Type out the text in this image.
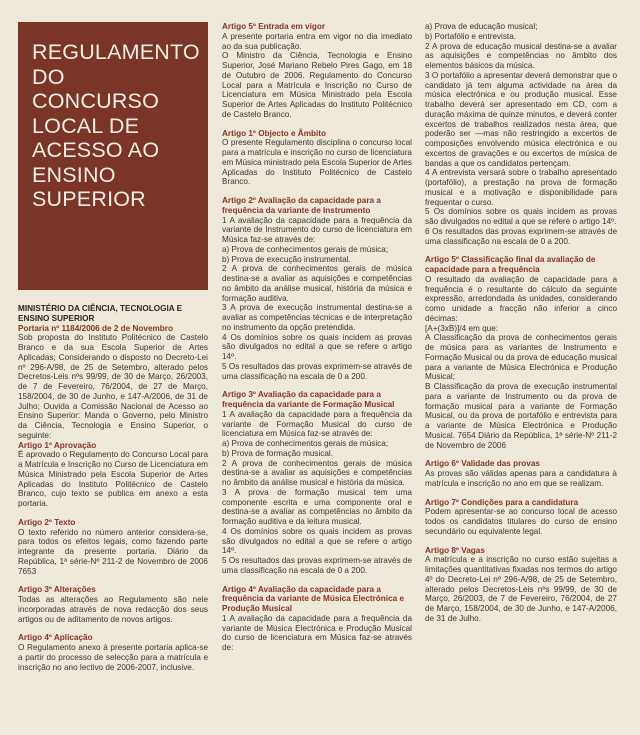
REGULAMENTO DO CONCURSO LOCAL DE ACESSO AO ENSINO SUPERIOR
MINISTÉRIO DA CIÊNCIA, TECNOLOGIA E ENSINO SUPERIOR
Portaria nº 1184/2006 de 2 de Novembro

Sob proposta do Instituto Politécnico de Castelo Branco e da sua Escola Superior de Artes Aplicadas; Considerando o disposto no Decreto-Lei nº 296-A/98, de 25 de Setembro, alterado pelos Decretos-Leis nºs 99/99, de 30 de Março, 26/2003, de 7 de Fevereiro, 76/2004, de 27 de Março, 158/2004, de 30 de Junho, e 147-A/2006, de 31 de Julho; Ouvida a Comissão Nacional de Acesso ao Ensino Superior: Manda o Governo, pelo Ministro da Ciência, Tecnologia e Ensino Superior, o seguinte:

Artigo 1º Aprovação

É aprovado o Regulamento do Concurso Local para a Matrícula e Inscrição no Curso de Licenciatura em Música Ministrado pela Escola Superior de Artes Aplicadas do Instituto Politécnico de Castelo Branco, cujo texto se publica em anexo a esta portaria.

Artigo 2º Texto

O texto referido no número anterior considera-se, para todos os efeitos legais, como fazendo parte integrante da presente portaria. Diário da República, 1ª série-Nº 211-2 de Novembro de 2006 7653

Artigo 3º Alterações

Todas as alterações ao Regulamento são nele incorporadas através de nova redacção dos seus artigos ou de aditamento de novos artigos.

Artigo 4º Aplicação

O Regulamento anexo à presente portaria aplica-se a partir do processo de selecção para a matrícula e inscrição no ano lectivo de 2006-2007, inclusive.

Artigo 5º Entrada em vigor

A presente portaria entra em vigor no dia imediato ao da sua publicação.

O Ministro da Ciência, Tecnologia e Ensino Superior, José Mariano Rebelo Pires Gago, em 18 de Outubro de 2006. Regulamento do Concurso Local para a Matrícula e Inscrição no Curso de Licenciatura em Música Ministrado pela Escola Superior de Artes Aplicadas do Instituto Politécnico de Castelo Branco.

Artigo 1º Objecto e Âmbito

O presente Regulamento disciplina o concurso local para a matrícula e inscrição no curso de licenciatura em Música ministrado pela Escola Superior de Artes Aplicadas do Instituto Politécnico de Castelo Branco.

Artigo 2º Avaliação da capacidade para a frequência da variante de Instrumento

1 A avaliação da capacidade para a frequência da variante de Instrumento do curso de licenciatura em Música faz-se através de:

a) Prova de conhecimentos gerais de música;

b) Prova de execução instrumental.

2 A prova de conhecimentos gerais de música destina-se a avaliar as aquisições e competências no âmbito da análise musical, história da música e formação auditiva.

3 A prova de execução instrumental destina-se a avaliar as competências técnicas e de interpretação no instrumento da opção pretendida.

4 Os domínios sobre os quais incidem as provas são divulgados no edital a que se refere o artigo 14º.

5 Os resultados das provas exprimem-se através de uma classificação na escala de 0 a 200.

Artigo 3º Avaliação da capacidade para a frequência da variante de Formação Musical

1 A avaliação da capacidade para a frequência da variante de Formação Musical do curso de licenciatura em Música faz-se através de:

a) Prova de conhecimentos gerais de música;

b) Prova de formação musical.

2 A prova de conhecimentos gerais de música destina-se a avaliar as aquisições e competências no âmbito da análise musical e história da música.

3 A prova de formação musical tem uma componente escrita e uma componente oral e destina-se a avaliar as competências no âmbito da formação auditiva e da leitura musical.

4 Os domínios sobre os quais incidem as provas são divulgados no edital a que se refere o artigo 14º.

5 Os resultados das provas exprimem-se através de uma classificação na escala de 0 a 200.

Artigo 4º Avaliação da capacidade para a frequência da variante de Música Electrónica e Produção Musical

1 A avaliação da capacidade para a frequência da variante de Música Electrónica e Produção Musical do curso de licenciatura em Música faz-se através de:

a) Prova de educação musical;

b) Portafólio e entrevista.

2 A prova de educação musical destina-se a avaliar as aquisições e competências no âmbito dos elementos básicos da música.

3 O portafólio a apresentar deverá demonstrar que o candidato já tem alguma actividade na área da música electrónica e ou produção musical. Esse trabalho deverá ser apresentado em CD, com a duração máxima de quinze minutos, e deverá conter excertos de trabalhos realizados nesta área, que poderão ser —mas não restringido a excertos de composições envolvendo música electrónica e ou excertos de gravações e ou excertos de música de bandas a que os candidatos pertençam.

4 A entrevista versará sobre o trabalho apresentado (portafólio), a prestação na prova de formação musical e a motivação e disponibilidade para frequentar o curso.

5 Os domínios sobre os quais incidem as provas são divulgados no edital a que se refere o artigo 14º.

6 Os resultados das provas exprimem-se através de uma classificação na escala de 0 a 200.

Artigo 5º Classificação final da avaliação de capacidade para a frequência

O resultado da avaliação de capacidade para a frequência é o resultante do cálculo da seguinte expressão, arredondada às unidades, considerando como unidade a fracção não inferior a cinco décimas:

[A+(3xB)]/4 em que:

A Classificação da prova de conhecimentos gerais de música para as variantes de Instrumento e Formação Musical ou da prova de educação musical para a variante de Música Electrónica e Produção Musical;

B Classificação da prova de execução instrumental para a variante de Instrumento ou da prova de formação musical para a variante de Formação Musical, ou da prova de portafólio e entrevista para a variante de Música Electrónica e Produção Musical. 7654 Diário da República, 1ª série-Nº 211-2 de Novembro de 2006

Artigo 6º Validade das provas

As provas são válidas apenas para a candidatura à matrícula e inscrição no ano em que se realizam.

Artigo 7º Condições para a candidatura

Podem apresentar-se ao concurso local de acesso todos os candidatos titulares do curso de ensino secundário ou equivalente legal.

Artigo 8º Vagas

A matrícula e a inscrição no curso estão sujeitas a limitações quantitativas fixadas nos termos do artigo 4º do Decreto-Lei nº 296-A/98, de 25 de Setembro, alterado pelos Decretos-Leis nºs 99/99, de 30 de Março, 26/2003, de 7 de Fevereiro, 76/2004, de 27 de Março, 158/2004, de 30 de Junho, e 147-A/2006, de 31 de Julho.
